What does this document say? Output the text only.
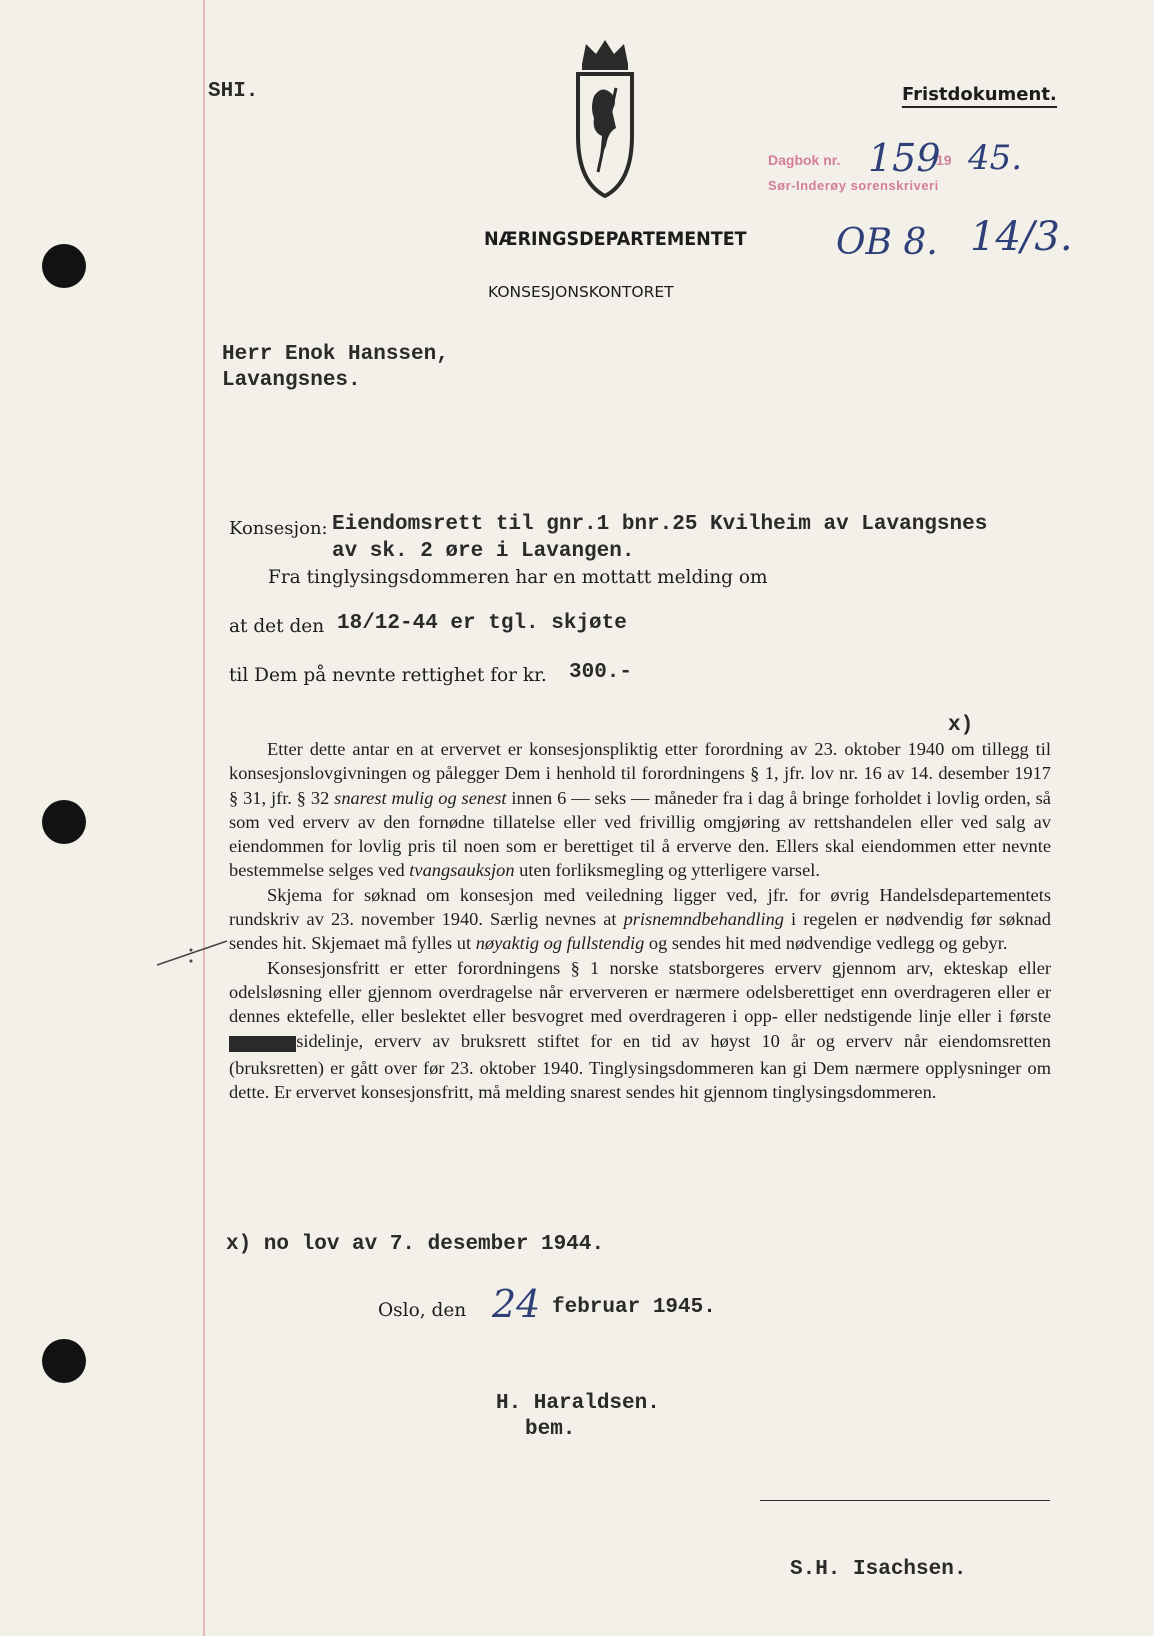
SHI.	Fristdokument.
NÆRINGSDEPARTEMENTET
KONSESJONSKONTORET
Dagbok nr. 159
19 45.
Sør-Inderøy sorenskriveri
OB 8. 14/3.
Herr Enok Hanssen,
Lavangsnes.
Konsesjon: Eiendomsrett til gnr.1 bnr.25 Kvilheim av Lavangsnes
av sk. 2 øre i Lavangen.
Fra tinglysingsdommeren har en mottatt melding om
at det den 18/12-44 er tgl. skjøte
til Dem på nevnte rettighet for kr. 300.-
x)

Etter dette antar en at ervervet er konsesjonspliktig etter forordning av 23. oktober 1940 om tillegg til konsesjonslovgivningen og pålegger Dem i henhold til forordningens § 1, jfr. lov nr. 16 av 14. desember 1917 § 31, jfr. § 32 snarest mulig og senest innen 6 — seks — måneder fra i dag å bringe forholdet i lovlig orden, så som ved erverv av den fornødne tillatelse eller ved frivillig omgjøring av rettshandelen eller ved salg av eiendommen for lovlig pris til noen som er berettiget til å erverve den. Ellers skal eiendommen etter nevnte bestemmelse selges ved tvangsauksjon uten forliksmegling og ytterligere varsel.

Skjema for søknad om konsesjon med veiledning ligger ved, jfr. for øvrig Handelsdepartementets rundskriv av 23. november 1940. Særlig nevnes at prisnemndbehandling i regelen er nødvendig før søknad sendes hit. Skjemaet må fylles ut nøyaktig og fullstendig og sendes hit med nødvendige vedlegg og gebyr.

Konsesjonsfritt er etter forordningens § 1 norske statsborgeres erverv gjennom arv, ekteskap eller odelsløsning eller gjennom overdragelse når erververen er nærmere odelsberettiget enn overdrageren eller er dennes ektefelle, eller beslektet eller besvogret med overdrageren i opp- eller nedstigende linje eller i første XXXXXXXXsidelinje, erverv av bruksrett stiftet for en tid av høyst 10 år og erverv når eiendomsretten (bruksretten) er gått over før 23. oktober 1940. Tinglysingsdommeren kan gi Dem nærmere opplysninger om dette. Er ervervet konsesjonsfritt, må melding snarest sendes hit gjennom tinglysingsdommeren.

x) no lov av 7. desember 1944.
Oslo, den 24 februar 1945.
H. Haraldsen.
bem.
S.H. Isachsen.
